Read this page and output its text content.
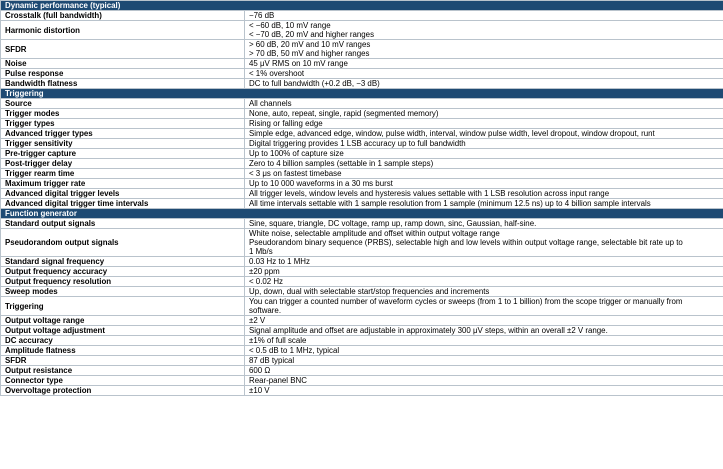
Dynamic performance (typical)	
Crosstalk (full bandwidth)	−76 dB

Harmonic distortion	< −60 dB, 10 mV range
< −70 dB, 20 mV and higher ranges

SFDR	> 60 dB, 20 mV and 10 mV ranges
> 70 dB, 50 mV and higher ranges

Noise	45 μV RMS on 10 mV range

Pulse response	< 1% overshoot

Bandwidth flatness	DC to full bandwidth (+0.2 dB, −3 dB)

Triggering	
Source	All channels

Trigger modes	None, auto, repeat, single, rapid (segmented memory)

Trigger types	Rising or falling edge

Advanced trigger types	Simple edge, advanced edge, window, pulse width, interval, window pulse width, level dropout, window dropout, runt

Trigger sensitivity	Digital triggering provides 1 LSB accuracy up to full bandwidth

Pre-trigger capture	Up to 100% of capture size

Post-trigger delay	Zero to 4 billion samples (settable in 1 sample steps)

Trigger rearm time	< 3 μs on fastest timebase

Maximum trigger rate	Up to 10 000 waveforms in a 30 ms burst

Advanced digital trigger levels	All trigger levels, window levels and hysteresis values settable with 1 LSB resolution across input range

Advanced digital trigger time intervals	All time intervals settable with 1 sample resolution from 1 sample (minimum 12.5 ns) up to 4 billion sample intervals

Function generator	
Standard output signals	Sine, square, triangle, DC voltage, ramp up, ramp down, sinc, Gaussian, half-sine.

Pseudorandom output signals	White noise, selectable amplitude and offset within output voltage range
Pseudorandom binary sequence (PRBS), selectable high and low levels within output voltage range, selectable bit rate up to
1 Mb/s

Standard signal frequency	0.03 Hz to 1 MHz

Output frequency accuracy	±20 ppm

Output frequency resolution	< 0.02 Hz

Sweep modes	Up, down, dual with selectable start/stop frequencies and increments

Triggering	You can trigger a counted number of waveform cycles or sweeps (from 1 to 1 billion) from the scope trigger or manually from
software.

Output voltage range	±2 V

Output voltage adjustment	Signal amplitude and offset are adjustable in approximately 300 μV steps, within an overall ±2 V range.

DC accuracy	±1% of full scale

Amplitude flatness	< 0.5 dB to 1 MHz, typical

SFDR	87 dB typical

Output resistance	600 Ω

Connector type	Rear-panel BNC

Overvoltage protection	±10 V
